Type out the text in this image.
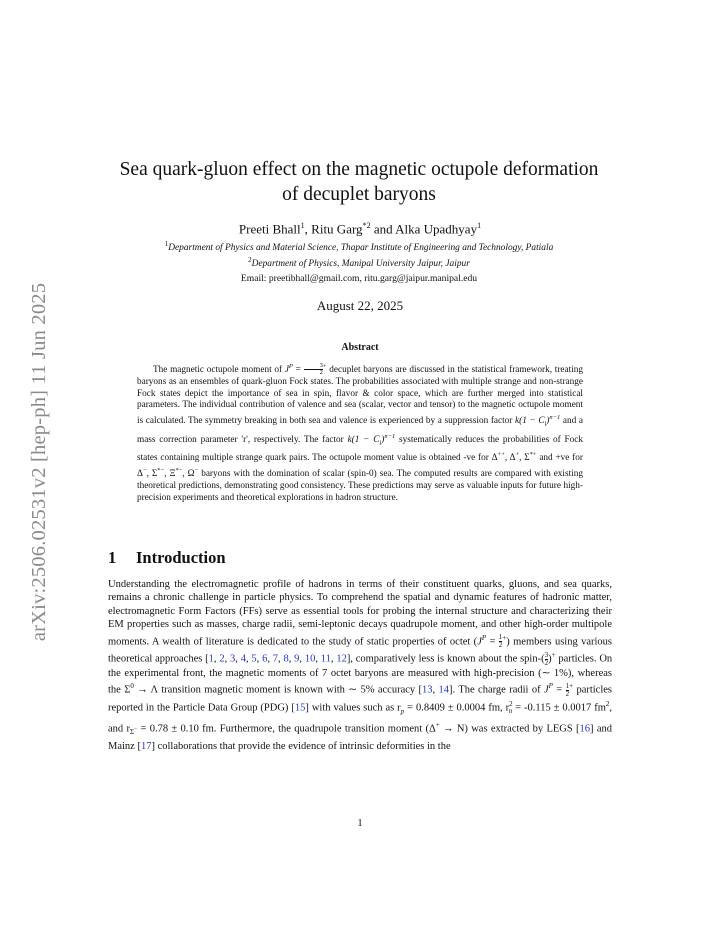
arXiv:2506.02531v2 [hep-ph] 11 Jun 2025
Sea quark-gluon effect on the magnetic octupole deformation
of decuplet baryons
Preeti Bhall$^1$, Ritu Garg$^{*2}$ and Alka Upadhyay$^1$
$^1$Department of Physics and Material Science, Thapar Institute of Engineering and Technology, Patiala
$^2$Department of Physics, Manipal University Jaipur, Jaipur
Email: preetibhall@gmail.com, ritu.garg@jaipur.manipal.edu
August 22, 2025
Abstract

The magnetic octupole moment of $J^P = \frac{3}{2} ^+$ decuplet baryons are discussed in the statistical framework, treating baryons as an ensembles of quark-gluon Fock states. The probabilities associated with multiple strange and non-strange Fock states depict the importance of sea in spin, flavor & color space, which are further merged into statistical parameters. The individual contribution of valence and sea (scalar, vector and tensor) to the magnetic octupole moment is calculated. The symmetry breaking in both sea and valence is experienced by a suppression factor $k(1 - C_l)^{n-1}$ and a mass correction parameter 'r', respectively. The factor $k(1 - C_l)^{n-1}$ systematically reduces the probabilities of Fock states containing multiple strange quark pairs. The octupole moment value is obtained -ve for Δ++, Δ+, Σ*+ and +ve for Δ−, Σ*−, Ξ*−, Ω− baryons with the domination of scalar (spin-0) sea. The computed results are compared with existing theoretical predictions, demonstrating good consistency. These predictions may serve as valuable inputs for future high-precision experiments and theoretical explorations in hadron structure.

1 Introduction

Understanding the electromagnetic profile of hadrons in terms of their constituent quarks, gluons, and sea quarks, remains a chronic challenge in particle physics. To comprehend the spatial and dynamic features of hadronic matter, electromagnetic Form Factors (FFs) serve as essential tools for probing the internal structure and characterizing their EM properties such as masses, charge radii, semi-leptonic decays quadrupole moment, and other high-order multipole moments. A wealth of literature is dedicated to the study of static properties of octet $(J^P = \frac{1}{2} ^+)$ members using various theoretical approaches [1, 2, 3, 4, 5, 6, 7, 8, 9, 10, 11, 12], comparatively less is known about the spin-( $\frac{3}{2} )^+$ particles. On the experimental front, the magnetic moments of 7 octet baryons are measured with high-precision (∼ 1%), whereas the $\Sigma^0 \to \Lambda$ transition magnetic moment is known with ∼ 5% accuracy [13, 14]. The charge radii of $J^P = \frac{1}{2} ^+$ particles reported in the Particle Data Group (PDG) [15] with values such as $r_p = 0.8409 \pm 0.0004$ fm, $r^2_n = -0.115 \pm 0.0017$ $fm^2$, and $r_{\Sigma^-} = 0.78 \pm 0.10$ fm. Furthermore, the quadrupole transition moment (Δ+ → N) was extracted by LEGS [16] and Mainz [17] collaborations that provide the evidence of intrinsic deformities in the

1
